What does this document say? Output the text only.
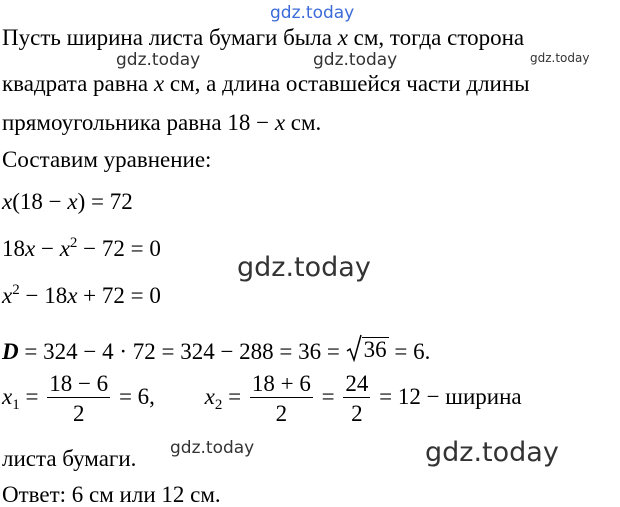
gdz.today
gdz.today	gdz.today	gdz.today
gdz.today
gdz.today	gdz.today
Пусть ширина листа бумаги была x см, тогда сторона
квадрата равна x см, а длина оставшейся части длины
прямоугольника равна 18 − x см.
Составим уравнение:
x(18 − x) = 72
$18x - x^2 - 72 = 0$
$x^2 - 18x + 72 = 0$
D = 324 − 4 · 72 = 324 − 288 = 36 = 36 = 6.
$x_1 = \frac{18 - 6}{2} = 6$, $x_2 = \frac{18 + 6}{2} = \frac{24}{2} = 12$ − ширина
листа бумаги.
Ответ: 6 см или 12 см.
